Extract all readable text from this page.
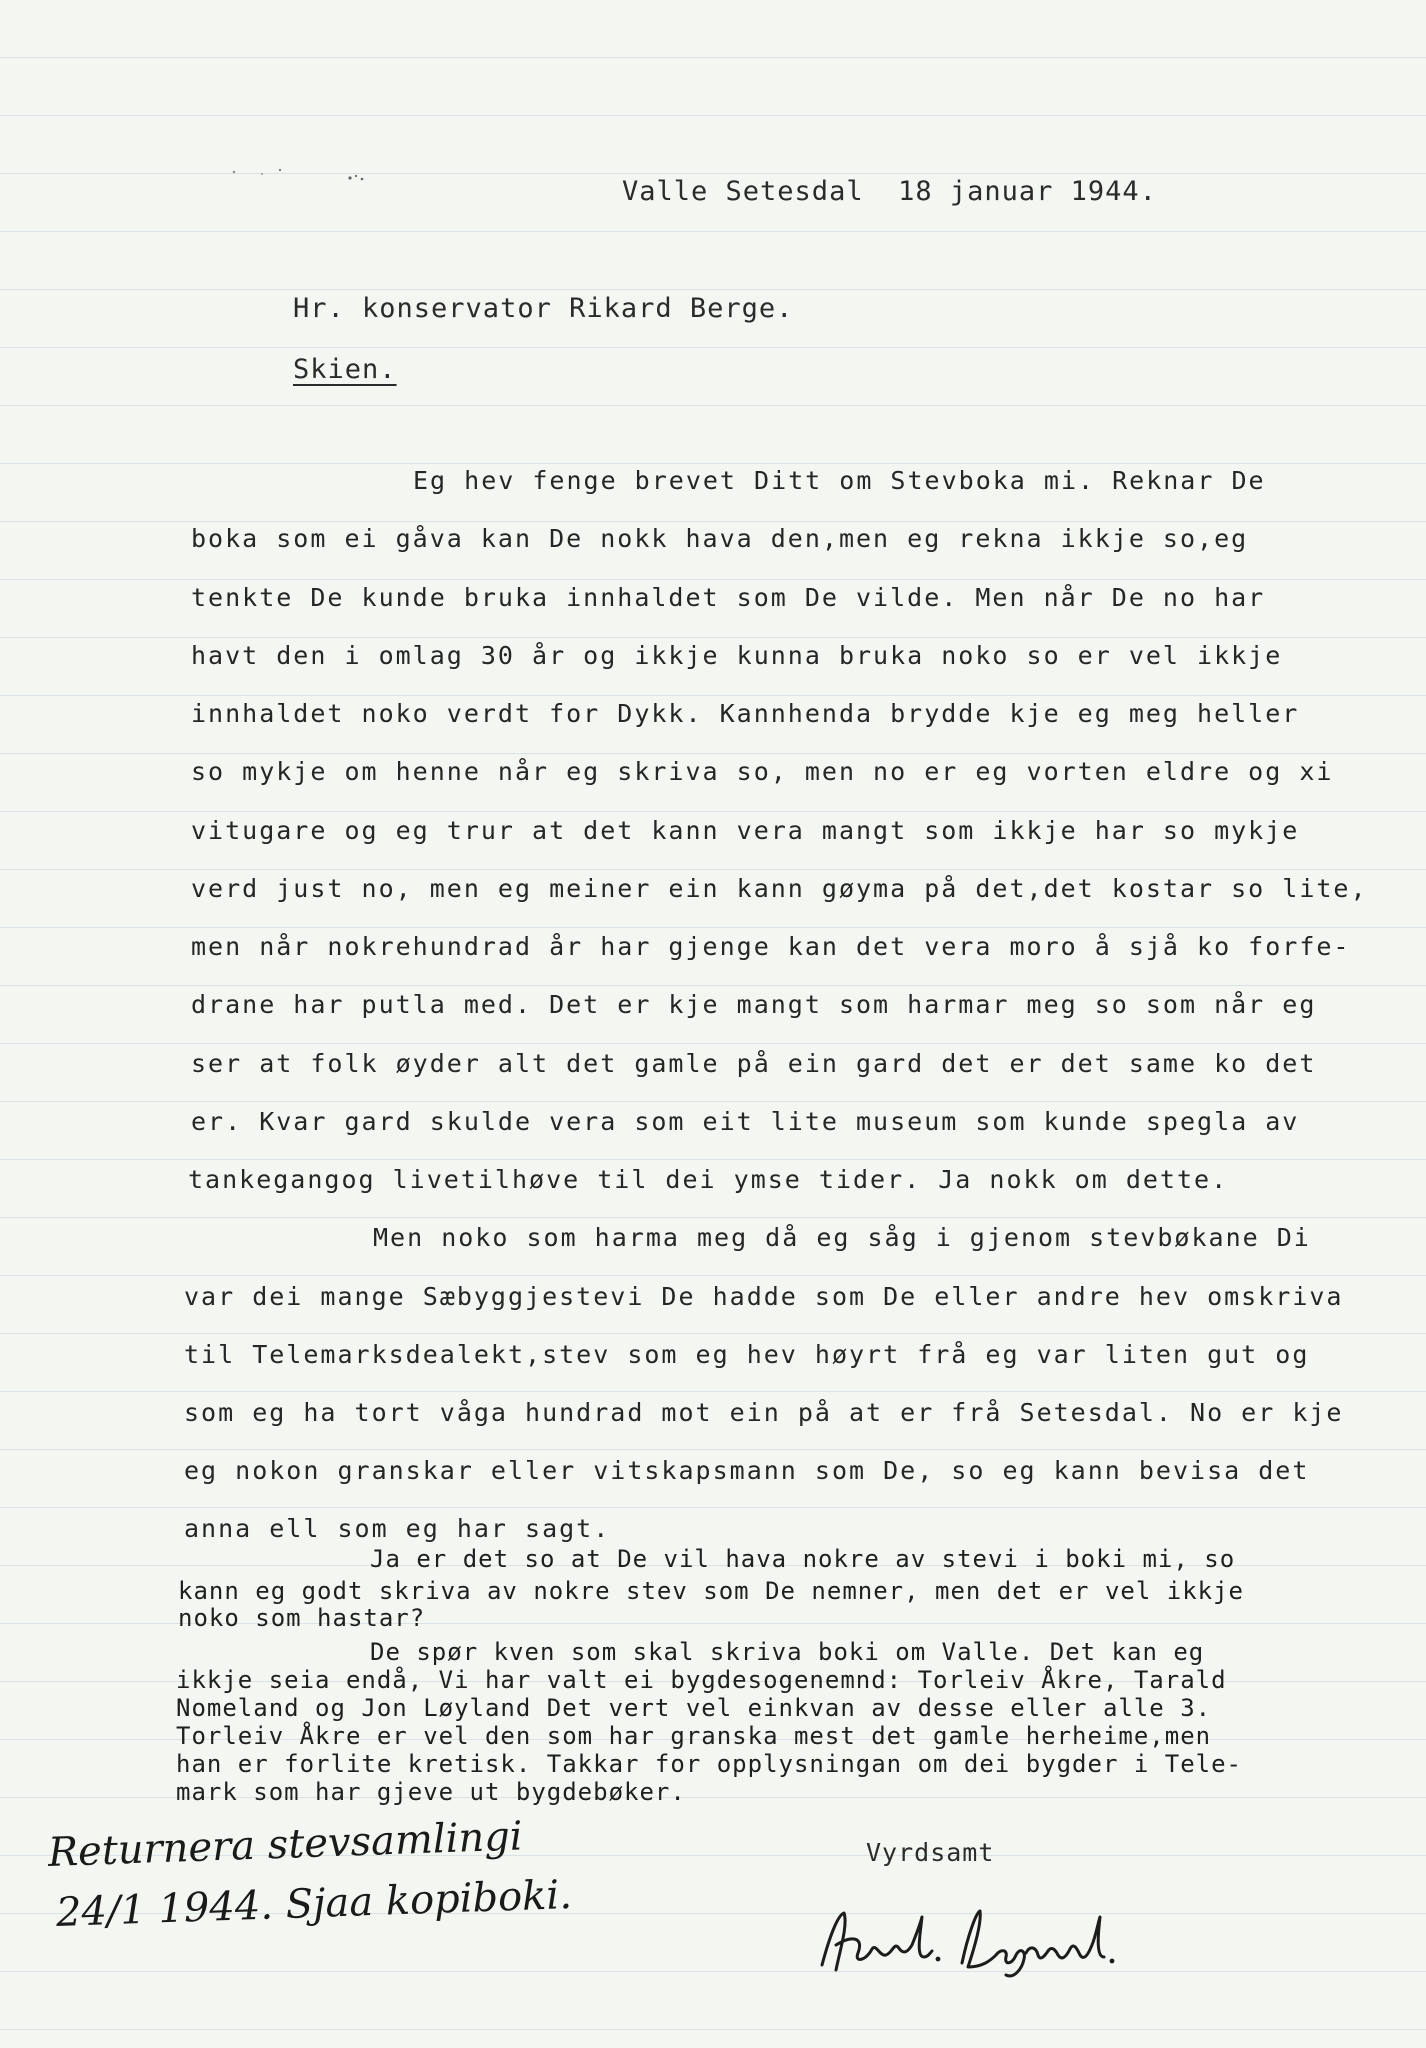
Valle Setesdal  18 januar 1944.

Hr. konservator Rikard Berge.

Skien.

Eg hev fenge brevet Ditt om Stevboka mi. Reknar De

boka som ei gåva kan De nokk hava den,men eg rekna ikkje so,eg

tenkte De kunde bruka innhaldet som De vilde. Men når De no har

havt den i omlag 30 år og ikkje kunna bruka noko so er vel ikkje

innhaldet noko verdt for Dykk. Kannhenda brydde kje eg meg heller

so mykje om henne når eg skriva so, men no er eg vorten eldre og xi

vitugare og eg trur at det kann vera mangt som ikkje har so mykje

verd just no, men eg meiner ein kann gøyma på det,det kostar so lite,

men når nokrehundrad år har gjenge kan det vera moro å sjå ko forfe-

drane har putla med. Det er kje mangt som harmar meg so som når eg

ser at folk øyder alt det gamle på ein gard det er det same ko det

er. Kvar gard skulde vera som eit lite museum som kunde spegla av

tankegangog livetilhøve til dei ymse tider. Ja nokk om dette.

Men noko som harma meg då eg såg i gjenom stevbøkane Di

var dei mange Sæbyggjestevi De hadde som De eller andre hev omskriva

til Telemarksdealekt,stev som eg hev høyrt frå eg var liten gut og

som eg ha tort våga hundrad mot ein på at er frå Setesdal. No er kje

eg nokon granskar eller vitskapsmann som De, so eg kann bevisa det

anna ell som eg har sagt.

Ja er det so at De vil hava nokre av stevi i boki mi, so

kann eg godt skriva av nokre stev som De nemner, men det er vel ikkje

noko som hastar?

De spør kven som skal skriva boki om Valle. Det kan eg

ikkje seia endå, Vi har valt ei bygdesogenemnd: Torleiv Åkre, Tarald

Nomeland og Jon Løyland Det vert vel einkvan av desse eller alle 3.

Torleiv Åkre er vel den som har granska mest det gamle herheime,men

han er forlite kretisk. Takkar for opplysningan om dei bygder i Tele-

mark som har gjeve ut bygdebøker.

Vyrdsamt

Returnera stevsamlingi
24/1 1944. Sjaa kopiboki.
